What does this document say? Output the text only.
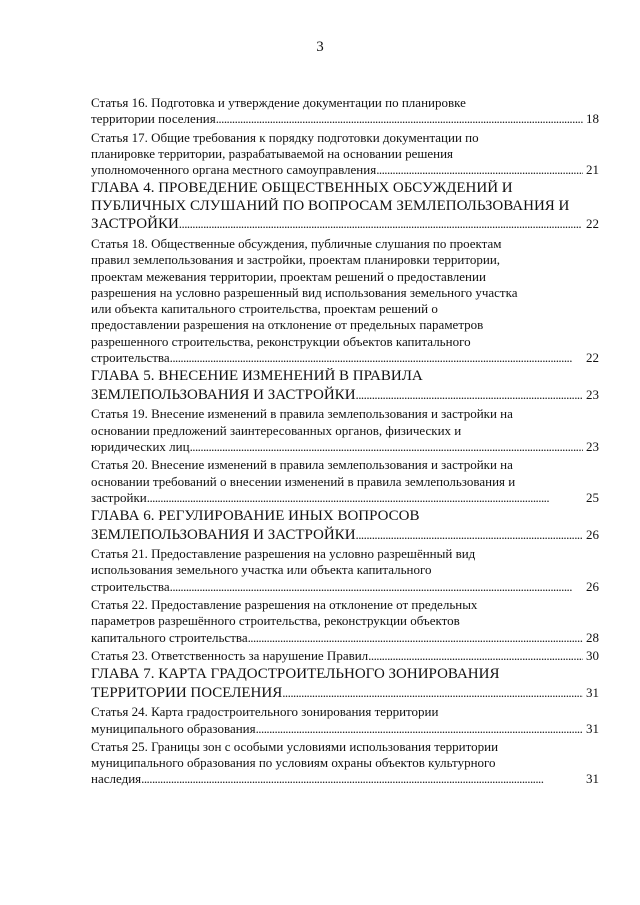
3
Статья 16. Подготовка и утверждение документации по планировке
территории поселения . . .	18
Статья 17. Общие требования к порядку подготовки документации по
планировке территории, разрабатываемой на основании решения
уполномоченного органа местного самоуправления . . .	21
ГЛАВА 4. ПРОВЕДЕНИЕ ОБЩЕСТВЕННЫХ ОБСУЖДЕНИЙ И
ПУБЛИЧНЫХ СЛУШАНИЙ ПО ВОПРОСАМ ЗЕМЛЕПОЛЬЗОВАНИЯ И
ЗАСТРОЙКИ . . .	22
Статья 18. Общественные обсуждения, публичные слушания по проектам
правил землепользования и застройки, проектам планировки территории,
проектам межевания территории, проектам решений о предоставлении
разрешения на условно разрешенный вид использования земельного участка
или объекта капитального строительства, проектам решений о
предоставлении разрешения на отклонение от предельных параметров
разрешенного строительства, реконструкции объектов капитального
строительства . . .	22
ГЛАВА 5. ВНЕСЕНИЕ ИЗМЕНЕНИЙ В ПРАВИЛА
ЗЕМЛЕПОЛЬЗОВАНИЯ И ЗАСТРОЙКИ . . .	23
Статья 19. Внесение изменений в правила землепользования и застройки на
основании предложений заинтересованных органов, физических и
юридических лиц . . .	23
Статья 20. Внесение изменений в правила землепользования и застройки на
основании требований о внесении изменений в правила землепользования и
застройки . . .	25
ГЛАВА 6. РЕГУЛИРОВАНИЕ ИНЫХ ВОПРОСОВ
ЗЕМЛЕПОЛЬЗОВАНИЯ И ЗАСТРОЙКИ . . .	26
Статья 21. Предоставление разрешения на условно разрешённый вид
использования земельного участка или объекта капитального
строительства . . .	26
Статья 22. Предоставление разрешения на отклонение от предельных
параметров разрешённого строительства, реконструкции объектов
капитального строительства . . .	28
Статья 23. Ответственность за нарушение Правил . . .	30
ГЛАВА 7. КАРТА ГРАДОСТРОИТЕЛЬНОГО ЗОНИРОВАНИЯ
ТЕРРИТОРИИ ПОСЕЛЕНИЯ . . .	31
Статья 24. Карта градостроительного зонирования территории
муниципального образования . . .	31
Статья 25. Границы зон с особыми условиями использования территории
муниципального образования по условиям охраны объектов культурного
наследия . . .	31
